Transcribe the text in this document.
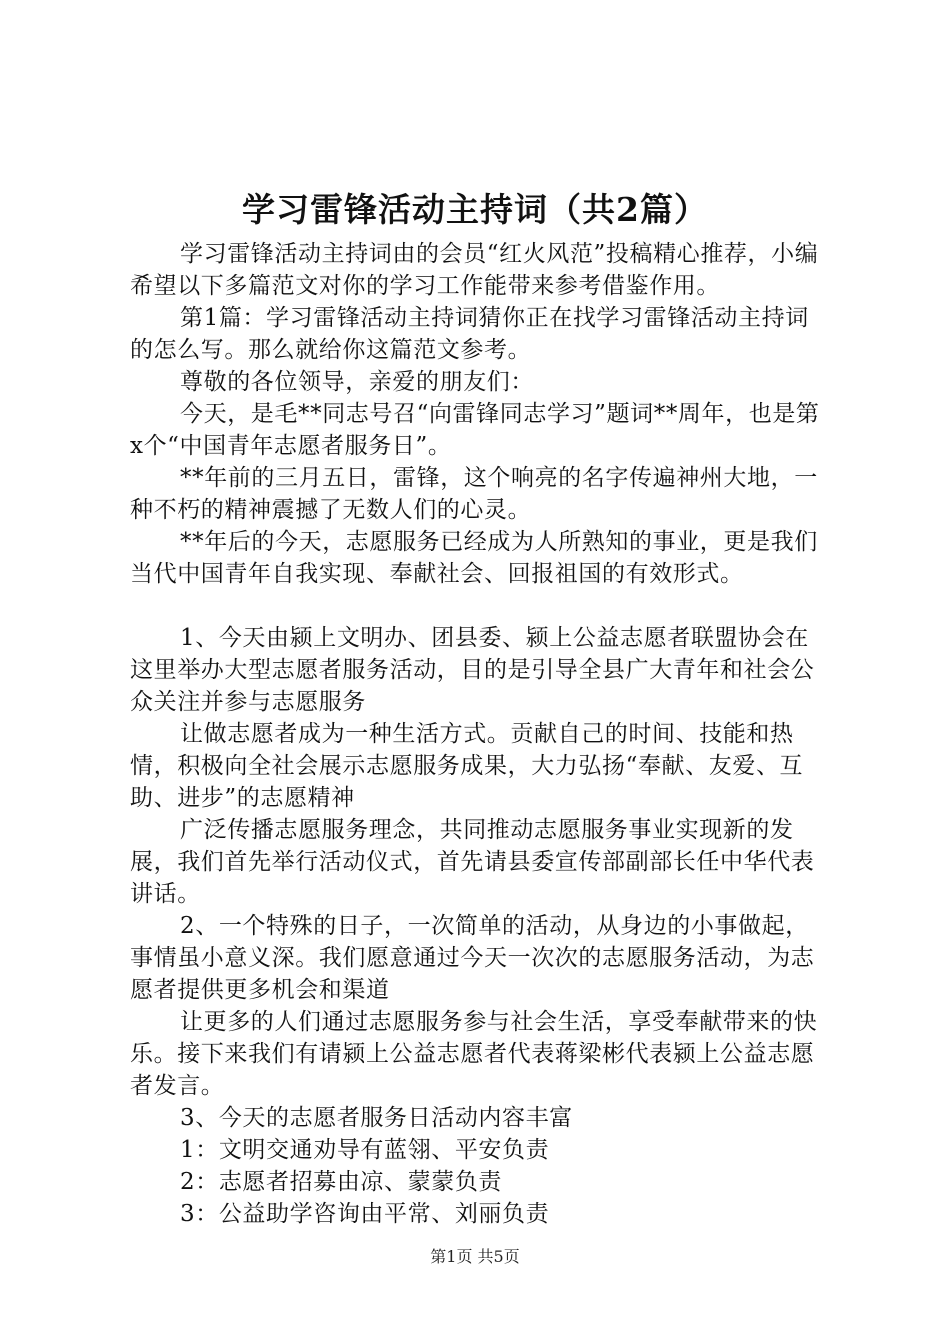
学习雷锋活动主持词（共2篇）

学习雷锋活动主持词由的会员“红火风范”投稿精心推荐，小编希望以下多篇范文对你的学习工作能带来参考借鉴作用。

第1篇：学习雷锋活动主持词猜你正在找学习雷锋活动主持词的怎么写。那么就给你这篇范文参考。

尊敬的各位领导，亲爱的朋友们：

今天，是毛**同志号召“向雷锋同志学习”题词**周年，也是第x个“中国青年志愿者服务日”。

**年前的三月五日，雷锋，这个响亮的名字传遍神州大地，一种不朽的精神震撼了无数人们的心灵。

**年后的今天，志愿服务已经成为人所熟知的事业，更是我们当代中国青年自我实现、奉献社会、回报祖国的有效形式。

1、今天由颍上文明办、团县委、颍上公益志愿者联盟协会在这里举办大型志愿者服务活动，目的是引导全县广大青年和社会公众关注并参与志愿服务

让做志愿者成为一种生活方式。贡献自己的时间、技能和热情，积极向全社会展示志愿服务成果，大力弘扬“奉献、友爱、互助、进步”的志愿精神

广泛传播志愿服务理念，共同推动志愿服务事业实现新的发展，我们首先举行活动仪式，首先请县委宣传部副部长任中华代表讲话。

2、一个特殊的日子，一次简单的活动，从身边的小事做起，事情虽小意义深。我们愿意通过今天一次次的志愿服务活动，为志愿者提供更多机会和渠道

让更多的人们通过志愿服务参与社会生活，享受奉献带来的快乐。接下来我们有请颍上公益志愿者代表蒋梁彬代表颍上公益志愿者发言。

3、今天的志愿者服务日活动内容丰富

1：文明交通劝导有蓝翎、平安负责

2：志愿者招募由凉、蒙蒙负责

3：公益助学咨询由平常、刘丽负责

第1页 共5页
